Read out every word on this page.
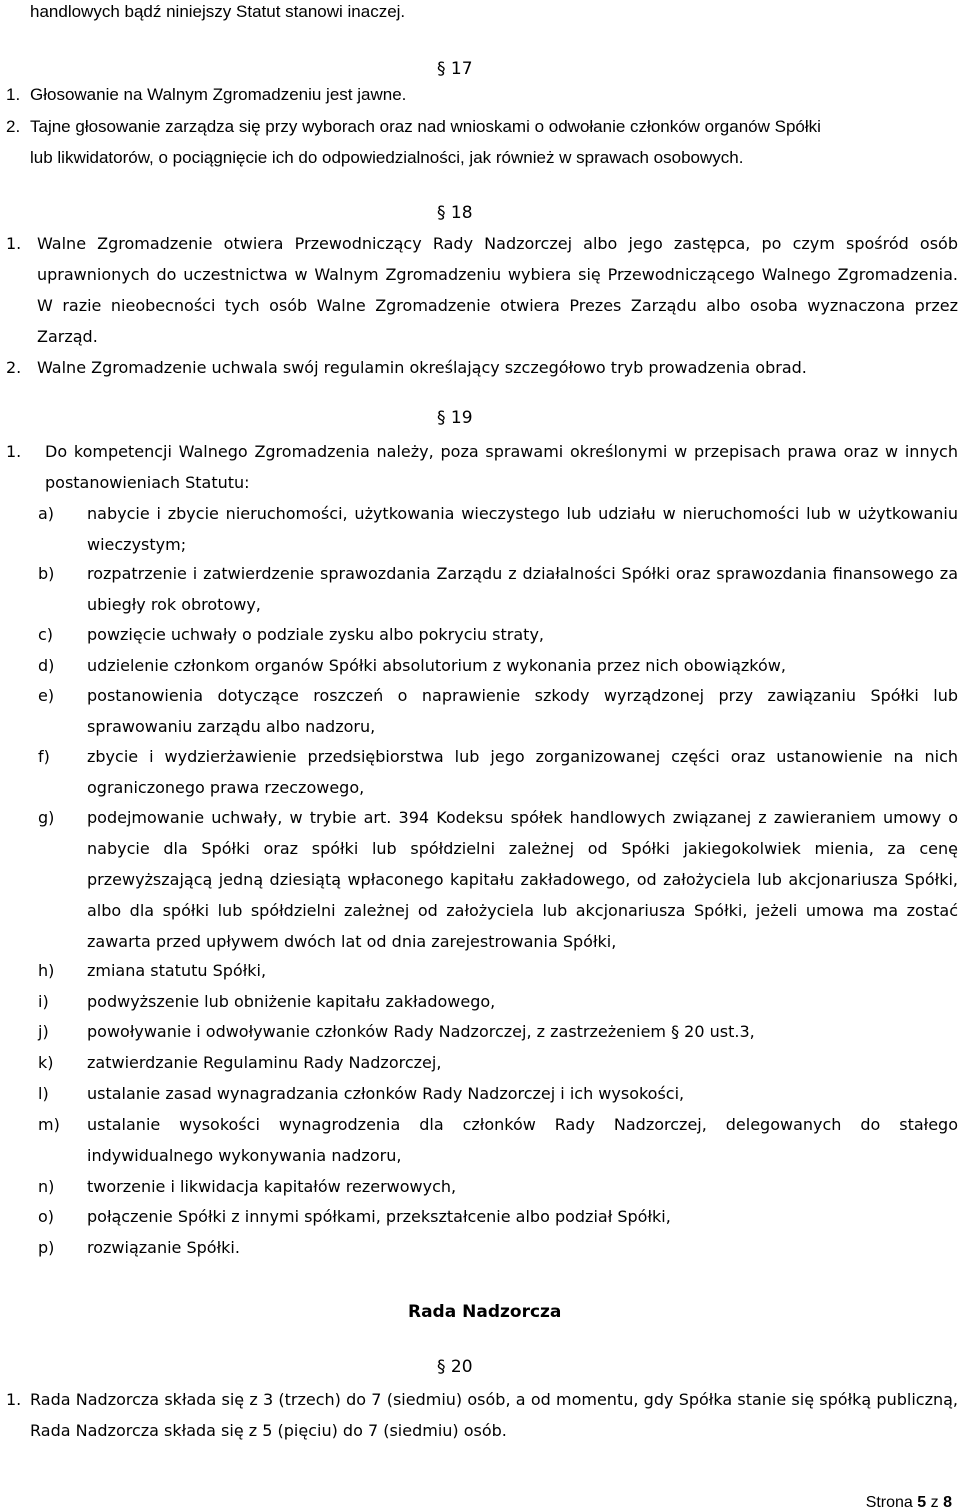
handlowych bądź niniejszy Statut stanowi inaczej.
§ 17
1. Głosowanie na Walnym Zgromadzeniu jest jawne.
2. Tajne głosowanie zarządza się przy wyborach oraz nad wnioskami o odwołanie członków organów Spółki
lub likwidatorów, o pociągnięcie ich do odpowiedzialności, jak również w sprawach osobowych.
§ 18
1. Walne Zgromadzenie otwiera Przewodniczący Rady Nadzorczej albo jego zastępca, po czym spośród osób uprawnionych do uczestnictwa w Walnym Zgromadzeniu wybiera się Przewodniczącego Walnego Zgromadzenia. W razie nieobecności tych osób Walne Zgromadzenie otwiera Prezes Zarządu albo osoba wyznaczona przez Zarząd.
2. Walne Zgromadzenie uchwala swój regulamin określający szczegółowo tryb prowadzenia obrad.
§ 19
1. Do kompetencji Walnego Zgromadzenia należy, poza sprawami określonymi w przepisach prawa oraz w innych postanowieniach Statutu:
a) nabycie i zbycie nieruchomości, użytkowania wieczystego lub udziału w nieruchomości lub w użytkowaniu wieczystym;
b) rozpatrzenie i zatwierdzenie sprawozdania Zarządu z działalności Spółki oraz sprawozdania finansowego za ubiegły rok obrotowy,
c) powzięcie uchwały o podziale zysku albo pokryciu straty,
d) udzielenie członkom organów Spółki absolutorium z wykonania przez nich obowiązków,
e) postanowienia dotyczące roszczeń o naprawienie szkody wyrządzonej przy zawiązaniu Spółki lub sprawowaniu zarządu albo nadzoru,
f) zbycie i wydzierżawienie przedsiębiorstwa lub jego zorganizowanej części oraz ustanowienie na nich ograniczonego prawa rzeczowego,
g) podejmowanie uchwały, w trybie art. 394 Kodeksu spółek handlowych związanej z zawieraniem umowy o nabycie dla Spółki oraz spółki lub spółdzielni zależnej od Spółki jakiegokolwiek mienia, za cenę przewyższającą jedną dziesiątą wpłaconego kapitału zakładowego, od założyciela lub akcjonariusza Spółki, albo dla spółki lub spółdzielni zależnej od założyciela lub akcjonariusza Spółki, jeżeli umowa ma zostać zawarta przed upływem dwóch lat od dnia zarejestrowania Spółki,
h) zmiana statutu Spółki,
i) podwyższenie lub obniżenie kapitału zakładowego,
j) powoływanie i odwoływanie członków Rady Nadzorczej, z zastrzeżeniem § 20 ust.3,
k) zatwierdzanie Regulaminu Rady Nadzorczej,
l) ustalanie zasad wynagradzania członków Rady Nadzorczej i ich wysokości,
m) ustalanie wysokości wynagrodzenia dla członków Rady Nadzorczej, delegowanych do stałego indywidualnego wykonywania nadzoru,
n) tworzenie i likwidacja kapitałów rezerwowych,
o) połączenie Spółki z innymi spółkami, przekształcenie albo podział Spółki,
p) rozwiązanie Spółki.
Rada Nadzorcza
§ 20
1. Rada Nadzorcza składa się z 3 (trzech) do 7 (siedmiu) osób, a od momentu, gdy Spółka stanie się spółką publiczną, Rada Nadzorcza składa się z 5 (pięciu) do 7 (siedmiu) osób.
Strona 5 z 8
